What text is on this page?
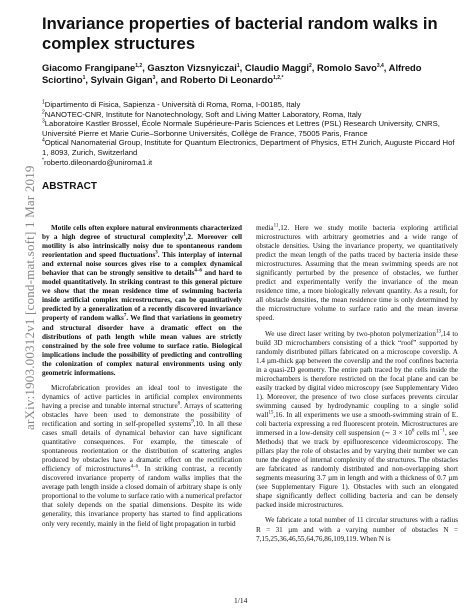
arXiv:1903.00312v1 [cond-mat.soft] 1 Mar 2019
Invariance properties of bacterial random walks in complex structures
Giacomo Frangipane$^{1,2}$, Gaszton Vizsnyiczai$^1$, Claudio Maggi$^2$, Romolo Savo$^{3,4}$, Alfredo Sciortino$^1$, Sylvain Gigan$^3$, and Roberto Di Leonardo$^{1,2,*}$
$^1$Dipartimento di Fisica, Sapienza - Università di Roma, Roma, I-00185, Italy
$^2$NANOTEC-CNR, Institute for Nanotechnology, Soft and Living Matter Laboratory, Roma, Italy
$^3$Laboratoire Kastler Brossel, École Normale Supérieure-Paris Sciences et Lettres (PSL) Research University, CNRS, Université Pierre et Marie Curie–Sorbonne Universités, Collège de France, 75005 Paris, France
$^4$Optical Nanomaterial Group, Institute for Quantum Electronics, Department of Physics, ETH Zurich, Auguste Piccard Hof 1, 8093, Zurich, Switzerland
*roberto.dileonardo@uniroma1.it
ABSTRACT

Motile cells often explore natural environments characterized by a high degree of structural complexity$^1$,2. Moreover cell motility is also intrinsically noisy due to spontaneous random reorientation and speed fluctuations$^3$. This interplay of internal and external noise sources gives rise to a complex dynamical behavior that can be strongly sensitive to details$^{4-6}$ and hard to model quantitatively. In striking contrast to this general picture we show that the mean residence time of swimming bacteria inside artificial complex microstructures, can be quantitatively predicted by a generalization of a recently discovered invariance property of random walks$^7$. We find that variations in geometry and structural disorder have a dramatic effect on the distributions of path length while mean values are strictly constrained by the sole free volume to surface ratio. Biological implications include the possibility of predicting and controlling the colonization of complex natural environments using only geometric informations.

Microfabrication provides an ideal tool to investigate the dynamics of active particles in artificial complex environments having a precise and tunable internal structure$^8$. Arrays of scattering obstacles have been used to demonstrate the possibility of rectification and sorting in self-propelled systems$^9$,10. In all these cases small details of dynamical behavior can have significant quantitative consequences. For example, the timescale of spontaneous reorientation or the distribution of scattering angles produced by obstacles have a dramatic effect on the rectification efficiency of microstructures$^{4-6}$. In striking contrast, a recently discovered invariance property of random walks implies that the average path length inside a closed domain of arbitrary shape is only proportional to the volume to surface ratio with a numerical prefactor that solely depends on the spatial dimensions. Despite its wide generality, this invariance property has started to find applications only very recently, mainly in the field of light propagation in turbid

media$^{11}$,12. Here we study motile bacteria exploring artificial microstructures with arbitrary geometries and a wide range of obstacle densities. Using the invariance property, we quantitatively predict the mean length of the paths traced by bacteria inside these microstructures. Assuming that the mean swimming speeds are not significantly perturbed by the presence of obstacles, we further predict and experimentally verify the invariance of the mean residence time, a more biologically relevant quantity. As a result, for all obstacle densities, the mean residence time is only determined by the microstructure volume to surface ratio and the mean inverse speed.

We use direct laser writing by two-photon polymerization$^{13}$,14 to build 3D microchambers consisting of a thick “roof” supported by randomly distributed pillars fabricated on a microscope coverslip. A 1.4 µm-thick gap between the coverslip and the roof confines bacteria in a quasi-2D geometry. The entire path traced by the cells inside the microchambers is therefore restricted on the focal plane and can be easily tracked by digital video microscopy (see Supplementary Video 1). Moreover, the presence of two close surfaces prevents circular swimming caused by hydrodynamic coupling to a single solid wall$^{15}$,16. In all experiments we use a smooth-swimming strain of E. coli bacteria expressing a red fluorescent protein. Microstructures are immersed in a low-density cell suspension (∼ $3 \times 10^6$ cells $ml^{-1}$, see Methods) that we track by epifluorescence videomicroscopy. The pillars play the role of obstacles and by varying their number we can tune the degree of internal complexity of the structures. The obstacles are fabricated as randomly distributed and non-overlapping short segments measuring 3.7 µm in length and with a thickness of 0.7 µm (see Supplementary Figure 1). Obstacles with such an elongated shape significantly deflect colliding bacteria and can be densely packed inside microstructures.

We fabricate a total number of 11 circular structures with a radius R = 31 µm and with a varying number of obstacles N = 7,15,25,36,46,55,64,76,86,109,119. When N is

1/14
